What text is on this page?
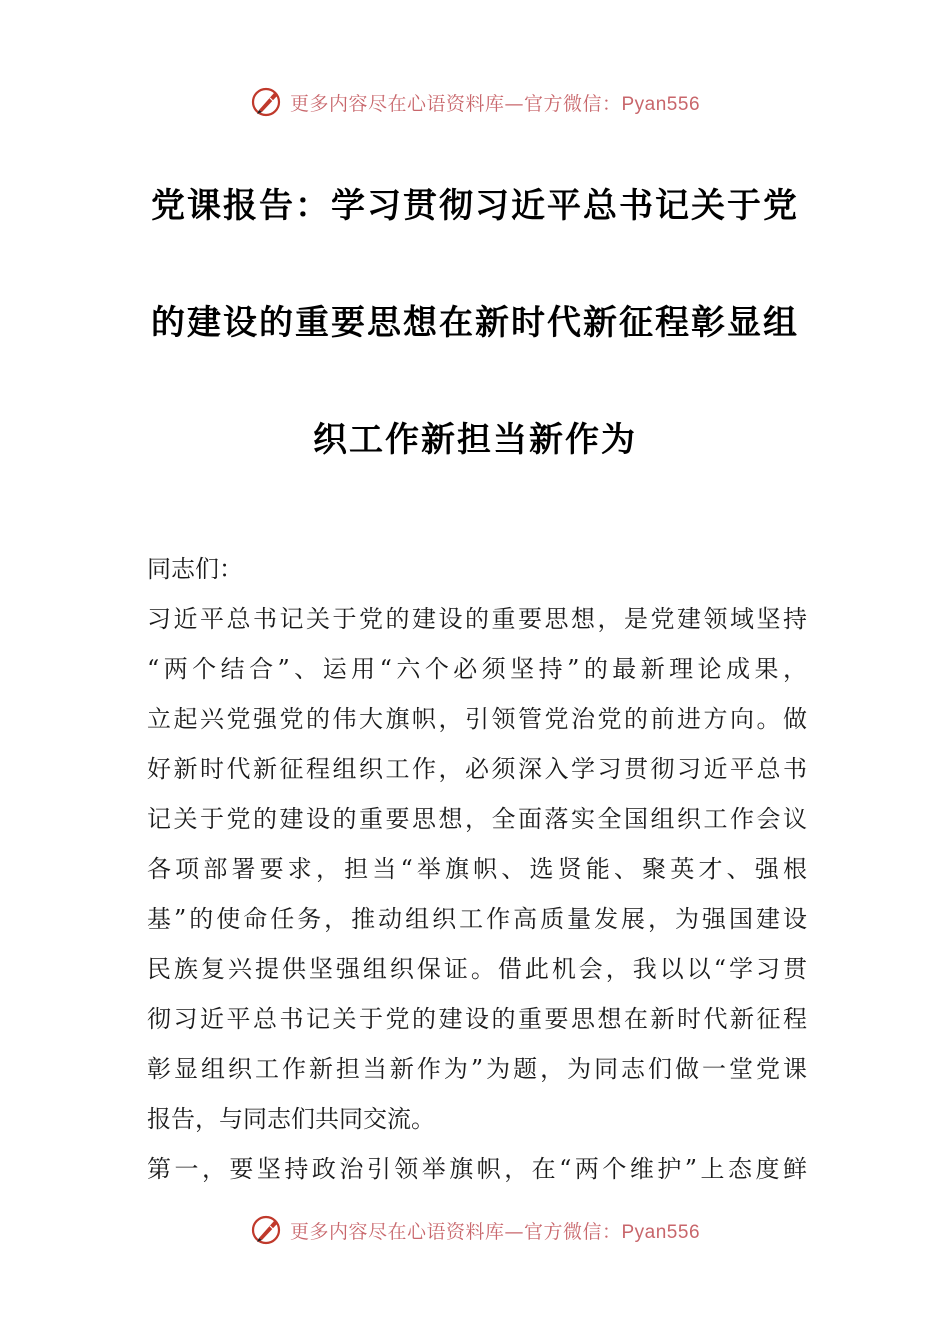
更多内容尽在心语资料库—官方微信：Pyan556
党课报告：学习贯彻习近平总书记关于党
的建设的重要思想在新时代新征程彰显组
织工作新担当新作为
同志们：
习近平总书记关于党的建设的重要思想，是党建领域坚持
“两个结合”、运用“六个必须坚持”的最新理论成果，
立起兴党强党的伟大旗帜，引领管党治党的前进方向。做
好新时代新征程组织工作，必须深入学习贯彻习近平总书
记关于党的建设的重要思想，全面落实全国组织工作会议
各项部署要求，担当“举旗帜、选贤能、聚英才、强根
基”的使命任务，推动组织工作高质量发展，为强国建设
民族复兴提供坚强组织保证。借此机会，我以以“学习贯
彻习近平总书记关于党的建设的重要思想在新时代新征程
彰显组织工作新担当新作为”为题，为同志们做一堂党课
报告，与同志们共同交流。
第一，要坚持政治引领举旗帜，在“两个维护”上态度鲜
更多内容尽在心语资料库—官方微信：Pyan556
